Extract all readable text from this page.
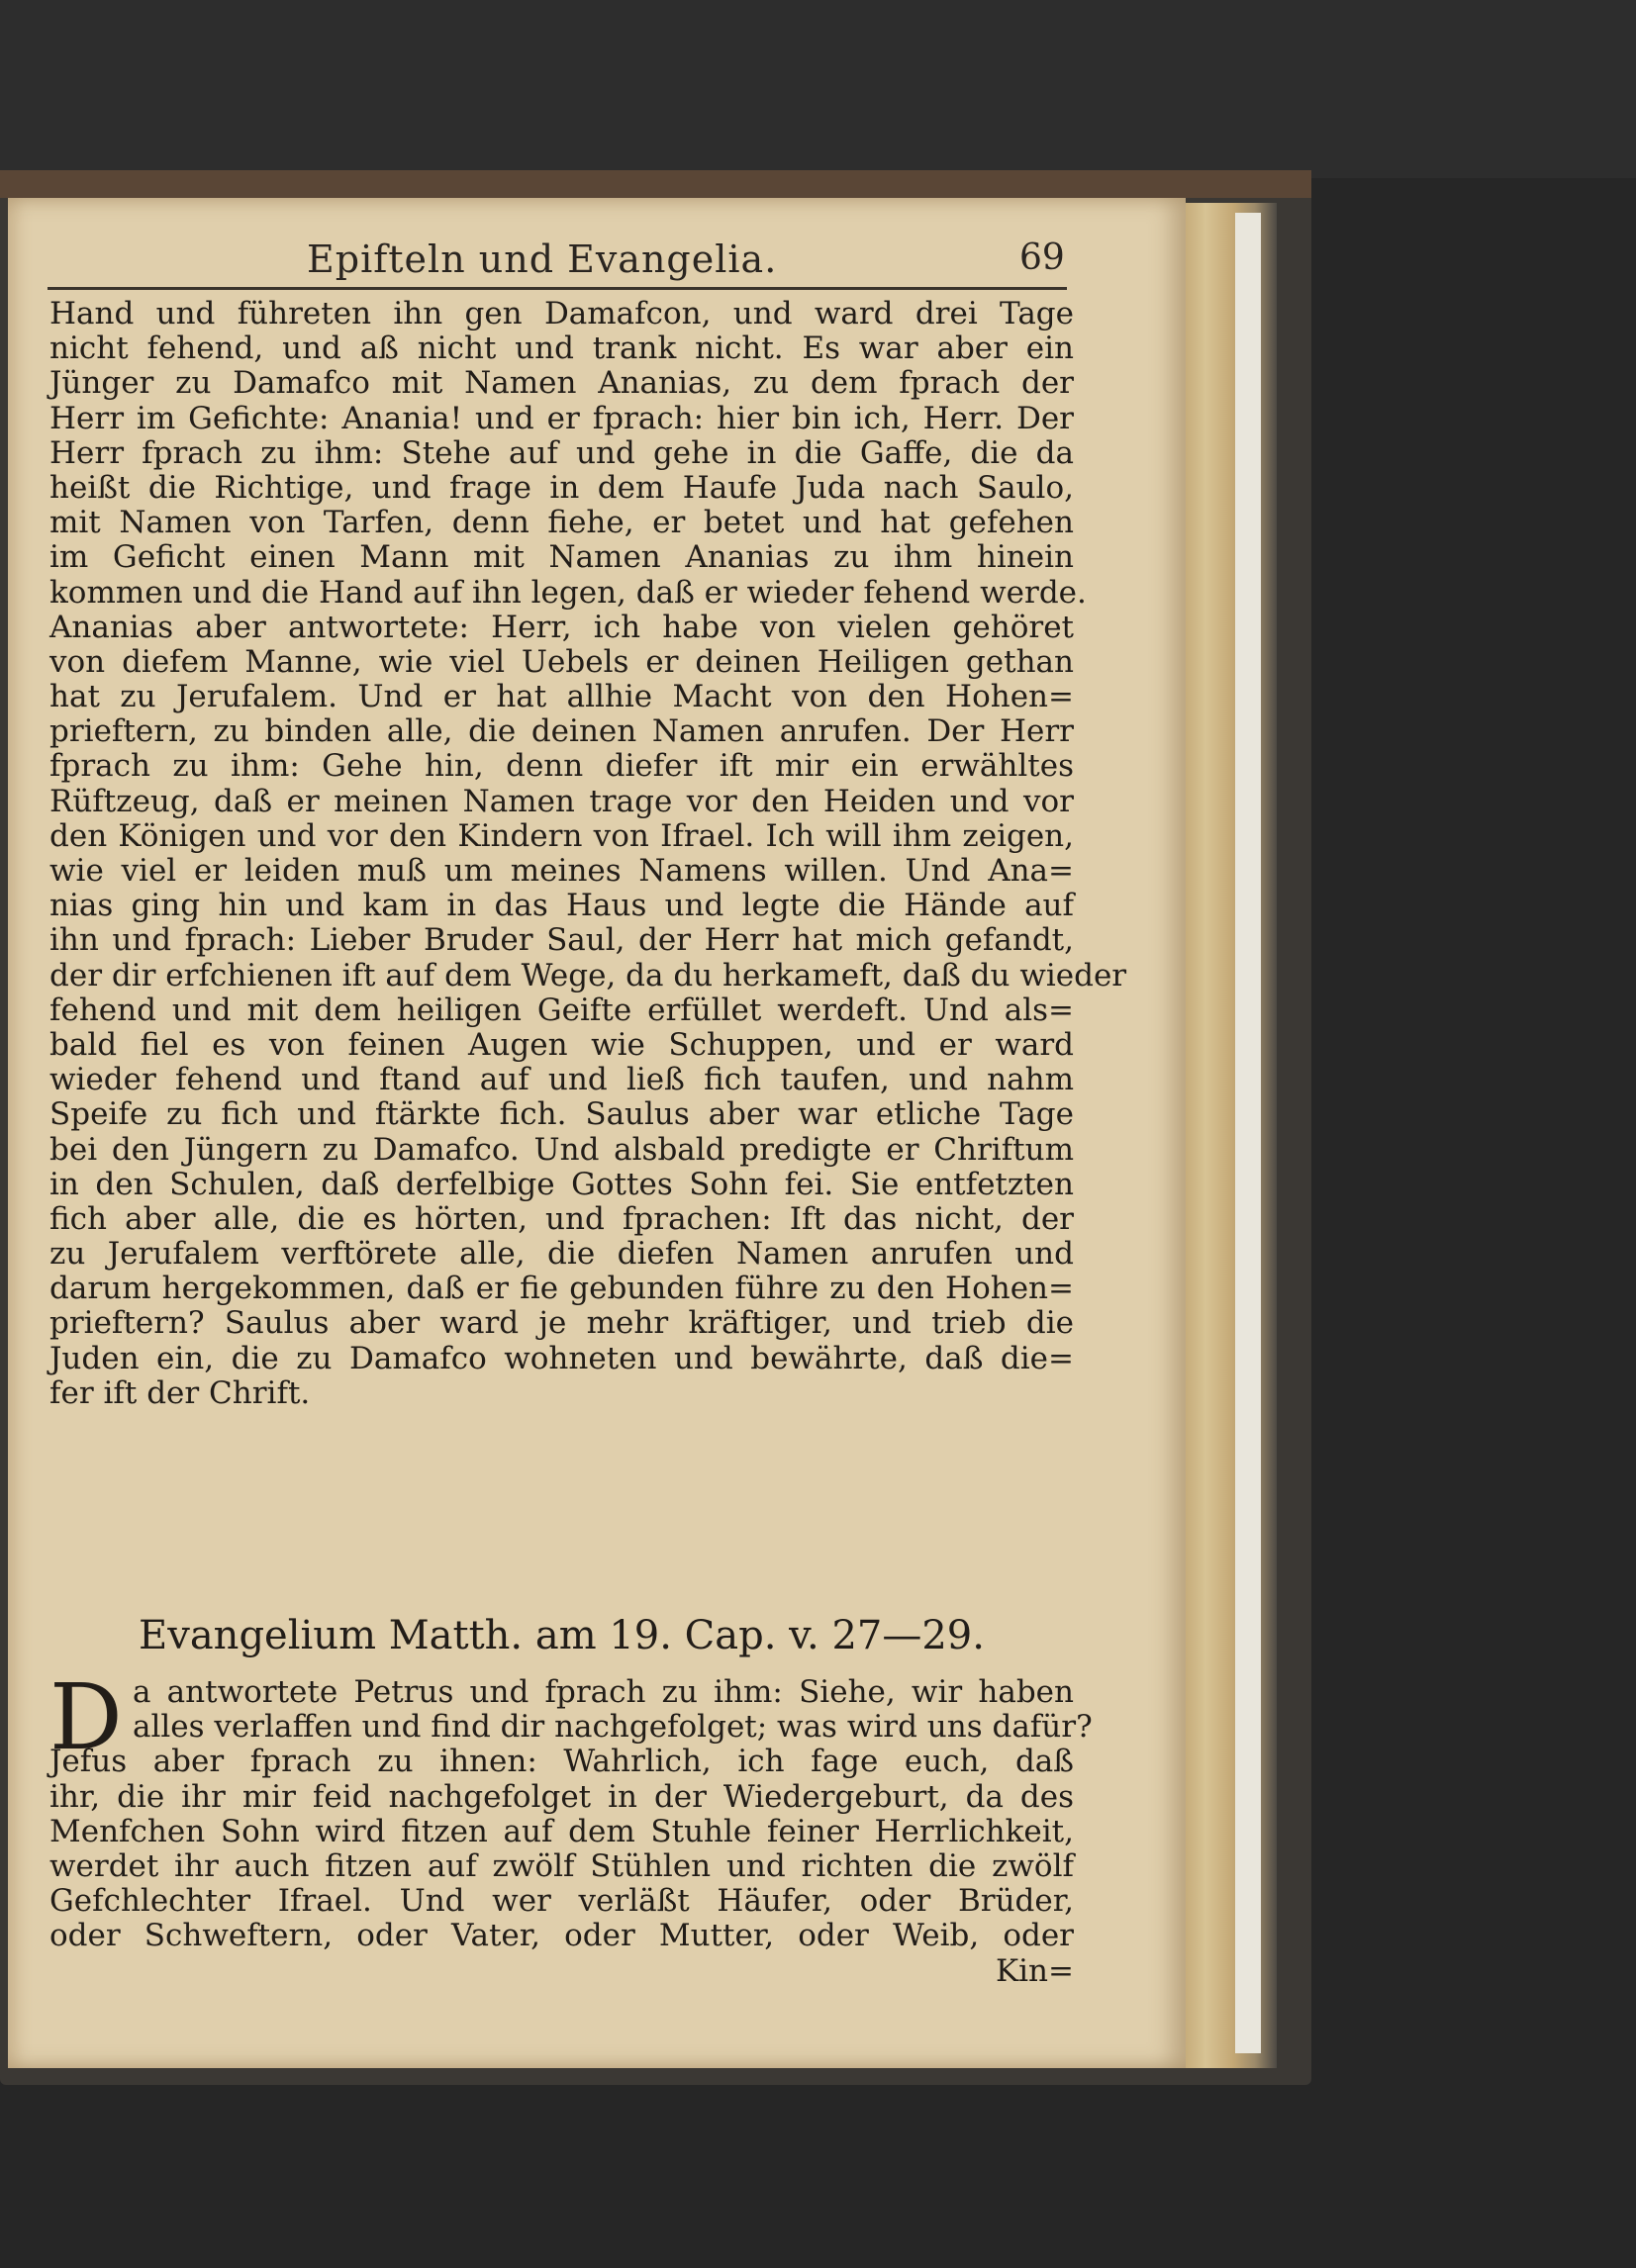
Epifteln und Evangelia.	69
Hand und führeten ihn gen Damafcon, und ward drei Tage
nicht fehend, und aß nicht und trank nicht. Es war aber ein
Jünger zu Damafco mit Namen Ananias, zu dem fprach der
Herr im Gefichte: Anania! und er fprach: hier bin ich, Herr. Der
Herr fprach zu ihm: Stehe auf und gehe in die Gaffe, die da
heißt die Richtige, und frage in dem Haufe Juda nach Saulo,
mit Namen von Tarfen, denn fiehe, er betet und hat gefehen
im Geficht einen Mann mit Namen Ananias zu ihm hinein
kommen und die Hand auf ihn legen, daß er wieder fehend werde.
Ananias aber antwortete: Herr, ich habe von vielen gehöret
von diefem Manne, wie viel Uebels er deinen Heiligen gethan
hat zu Jerufalem. Und er hat allhie Macht von den Hohen=
prieftern, zu binden alle, die deinen Namen anrufen. Der Herr
fprach zu ihm: Gehe hin, denn diefer ift mir ein erwähltes
Rüftzeug, daß er meinen Namen trage vor den Heiden und vor
den Königen und vor den Kindern von Ifrael. Ich will ihm zeigen,
wie viel er leiden muß um meines Namens willen. Und Ana=
nias ging hin und kam in das Haus und legte die Hände auf
ihn und fprach: Lieber Bruder Saul, der Herr hat mich gefandt,
der dir erfchienen ift auf dem Wege, da du herkameft, daß du wieder
fehend und mit dem heiligen Geifte erfüllet werdeft. Und als=
bald fiel es von feinen Augen wie Schuppen, und er ward
wieder fehend und ftand auf und ließ fich taufen, und nahm
Speife zu fich und ftärkte fich. Saulus aber war etliche Tage
bei den Jüngern zu Damafco. Und alsbald predigte er Chriftum
in den Schulen, daß derfelbige Gottes Sohn fei. Sie entfetzten
fich aber alle, die es hörten, und fprachen: Ift das nicht, der
zu Jerufalem verftörete alle, die diefen Namen anrufen und
darum hergekommen, daß er fie gebunden führe zu den Hohen=
prieftern? Saulus aber ward je mehr kräftiger, und trieb die
Juden ein, die zu Damafco wohneten und bewährte, daß die=
fer ift der Chrift.
Evangelium Matth. am 19. Cap. v. 27—29.
D a antwortete Petrus und fprach zu ihm: Siehe, wir haben
alles verlaffen und find dir nachgefolget; was wird uns dafür?
Jefus aber fprach zu ihnen: Wahrlich, ich fage euch, daß
ihr, die ihr mir feid nachgefolget in der Wiedergeburt, da des
Menfchen Sohn wird fitzen auf dem Stuhle feiner Herrlichkeit,
werdet ihr auch fitzen auf zwölf Stühlen und richten die zwölf
Gefchlechter Ifrael. Und wer verläßt Häufer, oder Brüder,
oder Schweftern, oder Vater, oder Mutter, oder Weib, oder
Kin=
